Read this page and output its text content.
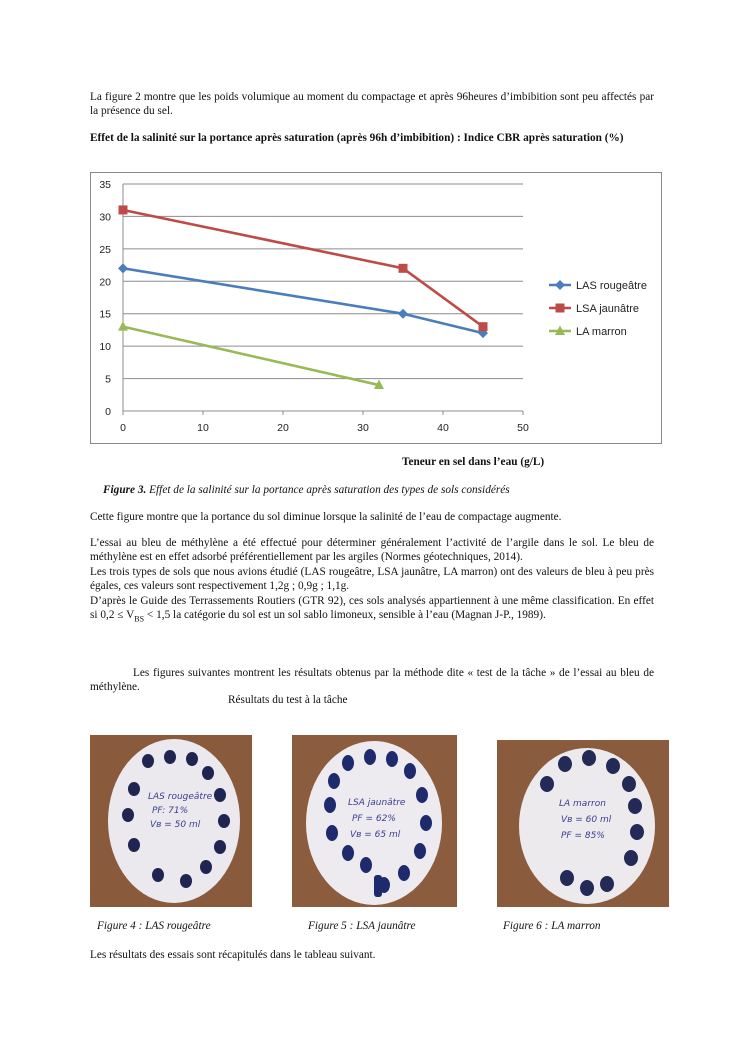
La figure 2 montre que les poids volumique au moment du compactage et après 96heures d’imbibition sont peu affectés par la présence du sel.
Effet de la salinité sur la portance après saturation (après 96h d’imbibition) : Indice CBR après saturation (%)
0
5
10
15
20
25
30
35
0	10	20	30	40	50
LAS rougeâtre
LSA jaunâtre
LA marron
Teneur en sel dans l’eau (g/L)
Figure 3. Effet de la salinité sur la portance après saturation des types de sols considérés
Cette figure montre que la portance du sol diminue lorsque la salinité de l’eau de compactage augmente.
L’essai au bleu de méthylène a été effectué pour déterminer généralement l’activité de l’argile dans le sol. Le bleu de méthylène est en effet adsorbé préférentiellement par les argiles (Normes géotechniques, 2014).
Les trois types de sols que nous avions étudié (LAS rougeâtre, LSA jaunâtre, LA marron) ont des valeurs de bleu à peu près égales, ces valeurs sont respectivement 1,2g ; 0,9g ; 1,1g.
D’après le Guide des Terrassements Routiers (GTR 92), ces sols analysés appartiennent à une même classification. En effet si $0,2 \le V_{BS} < 1,5$ la catégorie du sol est un sol sablo limoneux, sensible à l’eau (Magnan J-P., 1989).
Les figures suivantes montrent les résultats obtenus par la méthode dite « test de la tâche » de l’essai au bleu de méthylène.
Résultats du test à la tâche
LAS rougeâtre
PF: 71%
Vʙ = 50 ml
LSA jaunâtre
PF = 62%
Vʙ = 65 ml
LA marron
Vʙ = 60 ml
PF = 85%
Figure 4 : LAS rougeâtre	Figure 5 : LSA jaunâtre	Figure 6 : LA marron
Les résultats des essais sont récapitulés dans le tableau suivant.
